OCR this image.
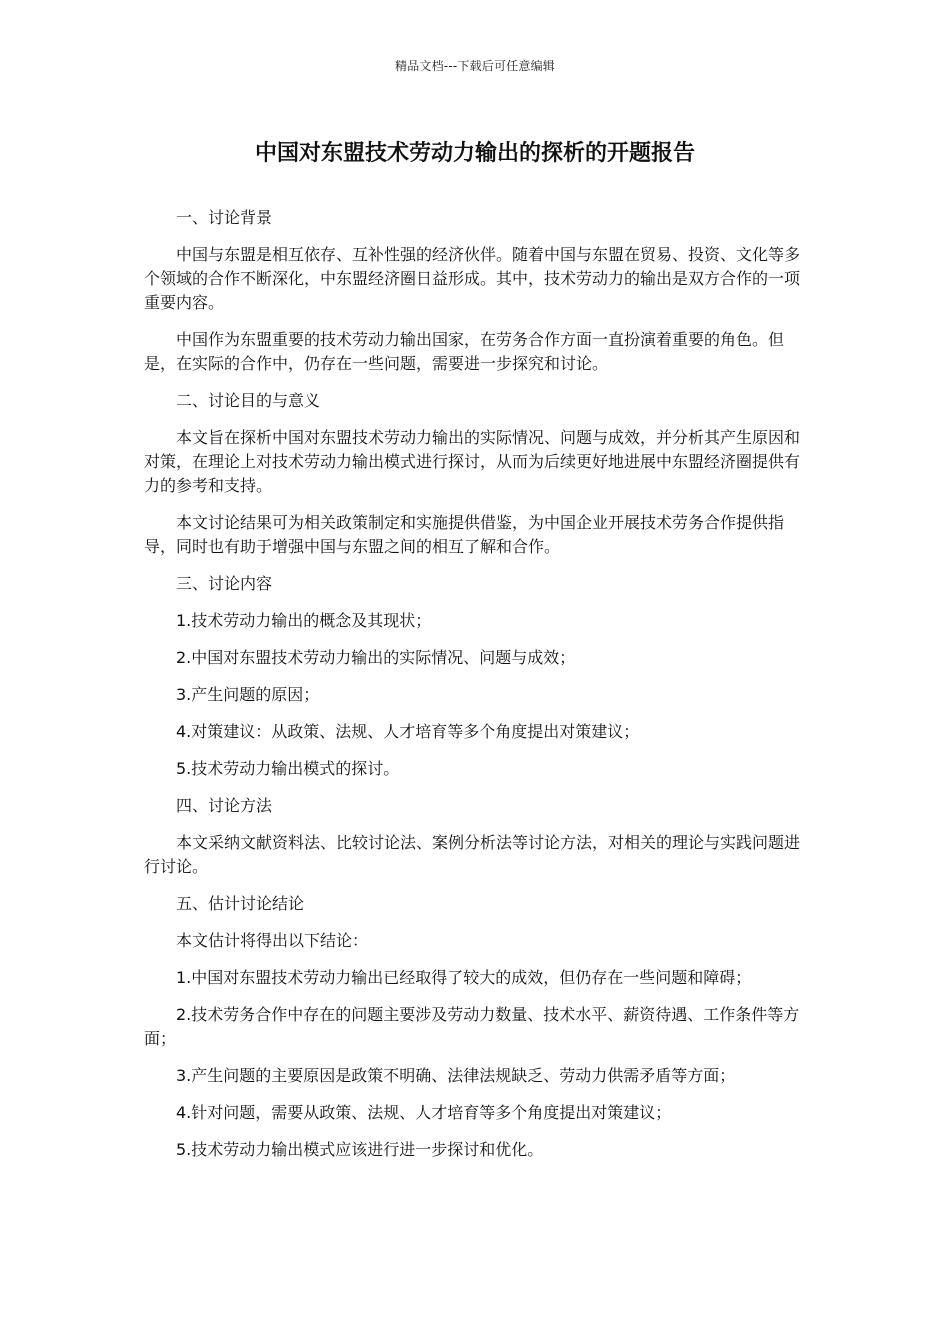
精品文档---下载后可任意编辑
中国对东盟技术劳动力输出的探析的开题报告

一、讨论背景

中国与东盟是相互依存、互补性强的经济伙伴。随着中国与东盟在贸易、投资、文化等多个领域的合作不断深化，中东盟经济圈日益形成。其中，技术劳动力的输出是双方合作的一项重要内容。

中国作为东盟重要的技术劳动力输出国家，在劳务合作方面一直扮演着重要的角色。但是，在实际的合作中，仍存在一些问题，需要进一步探究和讨论。

二、讨论目的与意义

本文旨在探析中国对东盟技术劳动力输出的实际情况、问题与成效，并分析其产生原因和对策，在理论上对技术劳动力输出模式进行探讨，从而为后续更好地进展中东盟经济圈提供有力的参考和支持。

本文讨论结果可为相关政策制定和实施提供借鉴，为中国企业开展技术劳务合作提供指导，同时也有助于增强中国与东盟之间的相互了解和合作。

三、讨论内容

1.技术劳动力输出的概念及其现状；

2.中国对东盟技术劳动力输出的实际情况、问题与成效；

3.产生问题的原因；

4.对策建议：从政策、法规、人才培育等多个角度提出对策建议；

5.技术劳动力输出模式的探讨。

四、讨论方法

本文采纳文献资料法、比较讨论法、案例分析法等讨论方法，对相关的理论与实践问题进行讨论。

五、估计讨论结论

本文估计将得出以下结论：

1.中国对东盟技术劳动力输出已经取得了较大的成效，但仍存在一些问题和障碍；

2.技术劳务合作中存在的问题主要涉及劳动力数量、技术水平、薪资待遇、工作条件等方面；

3.产生问题的主要原因是政策不明确、法律法规缺乏、劳动力供需矛盾等方面；

4.针对问题，需要从政策、法规、人才培育等多个角度提出对策建议；

5.技术劳动力输出模式应该进行进一步探讨和优化。
